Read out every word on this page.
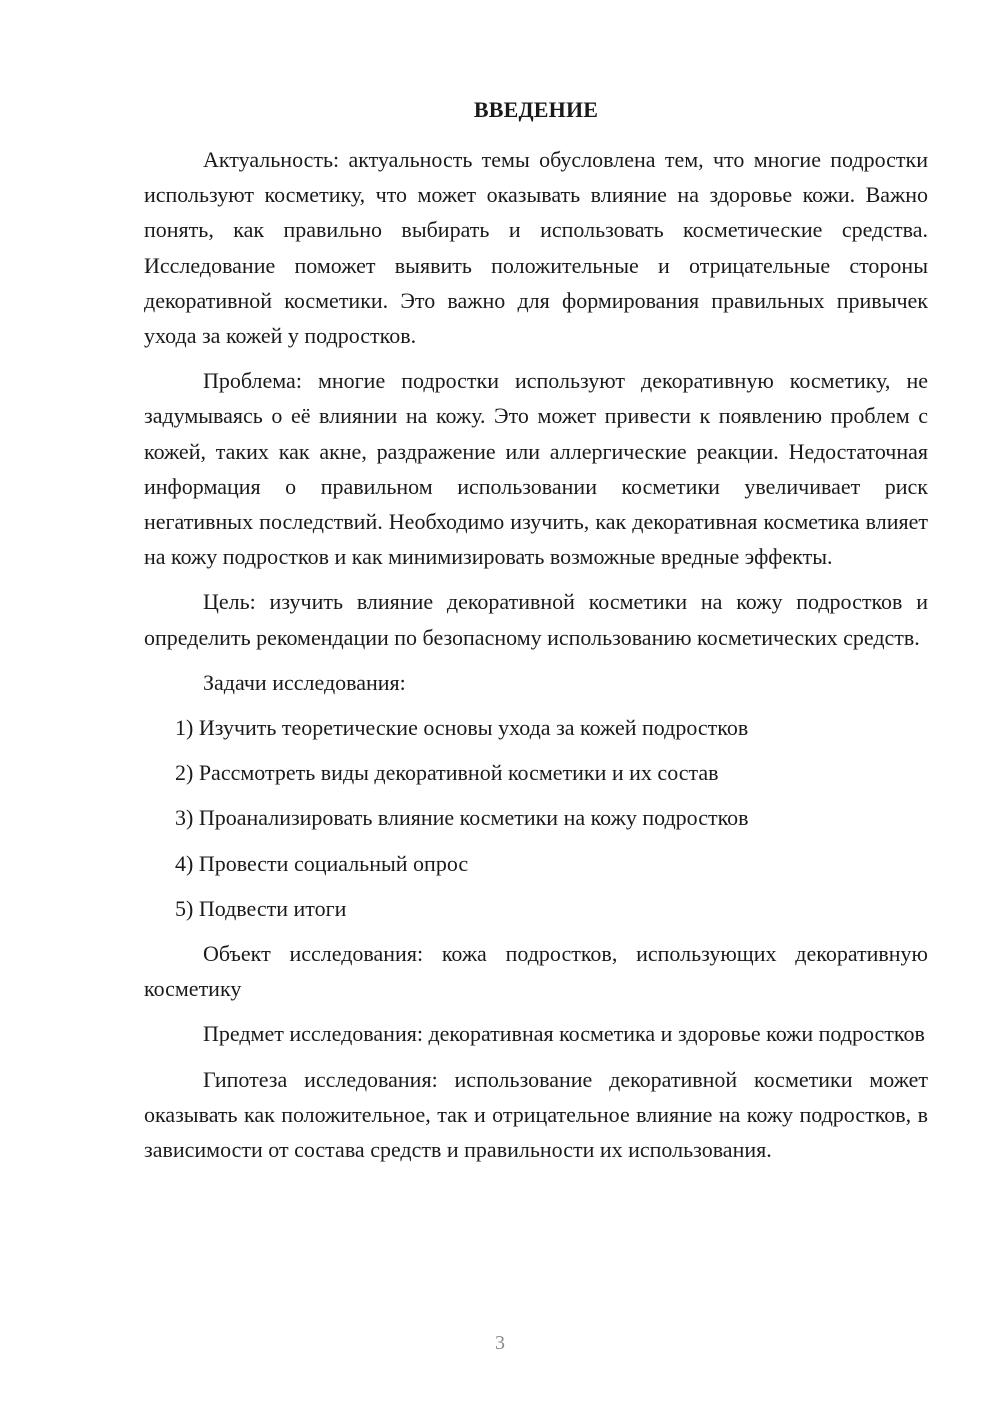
ВВЕДЕНИЕ

Актуальность: актуальность темы обусловлена тем, что многие подростки используют косметику, что может оказывать влияние на здоровье кожи. Важно понять, как правильно выбирать и использовать косметические средства. Исследование поможет выявить положительные и отрицательные стороны декоративной косметики. Это важно для формирования правильных привычек ухода за кожей у подростков.

Проблема: многие подростки используют декоративную косметику, не задумываясь о её влиянии на кожу. Это может привести к появлению проблем с кожей, таких как акне, раздражение или аллергические реакции. Недостаточная информация о правильном использовании косметики увеличивает риск негативных последствий. Необходимо изучить, как декоративная косметика влияет на кожу подростков и как минимизировать возможные вредные эффекты.

Цель: изучить влияние декоративной косметики на кожу подростков и определить рекомендации по безопасному использованию косметических средств.

Задачи исследования:

1) Изучить теоретические основы ухода за кожей подростков
2) Рассмотреть виды декоративной косметики и их состав
3) Проанализировать влияние косметики на кожу подростков
4) Провести социальный опрос
5) Подвести итоги

Объект исследования: кожа подростков, использующих декоративную косметику

Предмет исследования: декоративная косметика и здоровье кожи подростков

Гипотеза исследования: использование декоративной косметики может оказывать как положительное, так и отрицательное влияние на кожу подростков, в зависимости от состава средств и правильности их использования.

3
